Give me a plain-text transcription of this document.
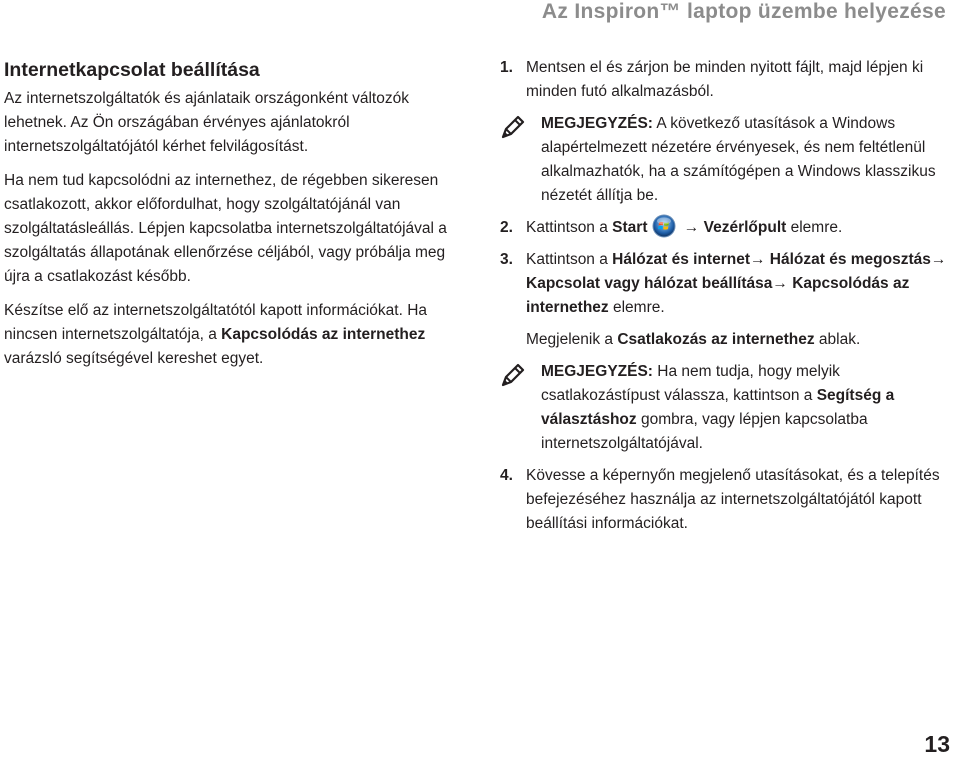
Az Inspiron™ laptop üzembe helyezése
Internetkapcsolat beállítása

Az internetszolgáltatók és ajánlataik országonként változók lehetnek. Az Ön országában érvényes ajánlatokról internetszolgáltatójától kérhet felvilágosítást.

Ha nem tud kapcsolódni az internethez, de régebben sikeresen csatlakozott, akkor előfordulhat, hogy szolgáltatójánál van szolgáltatásleállás. Lépjen kapcsolatba internetszolgáltatójával a szolgáltatás állapotának ellenőrzése céljából, vagy próbálja meg újra a csatlakozást később.

Készítse elő az internetszolgáltatótól kapott információkat. Ha nincsen internetszolgáltatója, a Kapcsolódás az internethez varázsló segítségével kereshet egyet.

1. Mentsen el és zárjon be minden nyitott fájlt, majd lépjen ki minden futó alkalmazásból.
MEGJEGYZÉS: A következő utasítások a Windows alapértelmezett nézetére érvényesek, és nem feltétlenül alkalmazhatók, ha a számítógépen a Windows klasszikus nézetét állítja be.
2. Kattintson a Start → Vezérlőpult elemre.
3. Kattintson a Hálózat és internet→ Hálózat és megosztás→ Kapcsolat vagy hálózat beállítása→ Kapcsolódás az internethez elemre.
Megjelenik a Csatlakozás az internethez ablak.
MEGJEGYZÉS: Ha nem tudja, hogy melyik csatlakozástípust válassza, kattintson a Segítség a választáshoz gombra, vagy lépjen kapcsolatba internetszolgáltatójával.
4. Kövesse a képernyőn megjelenő utasításokat, és a telepítés befejezéséhez használja az internetszolgáltatójától kapott beállítási információkat.
13
